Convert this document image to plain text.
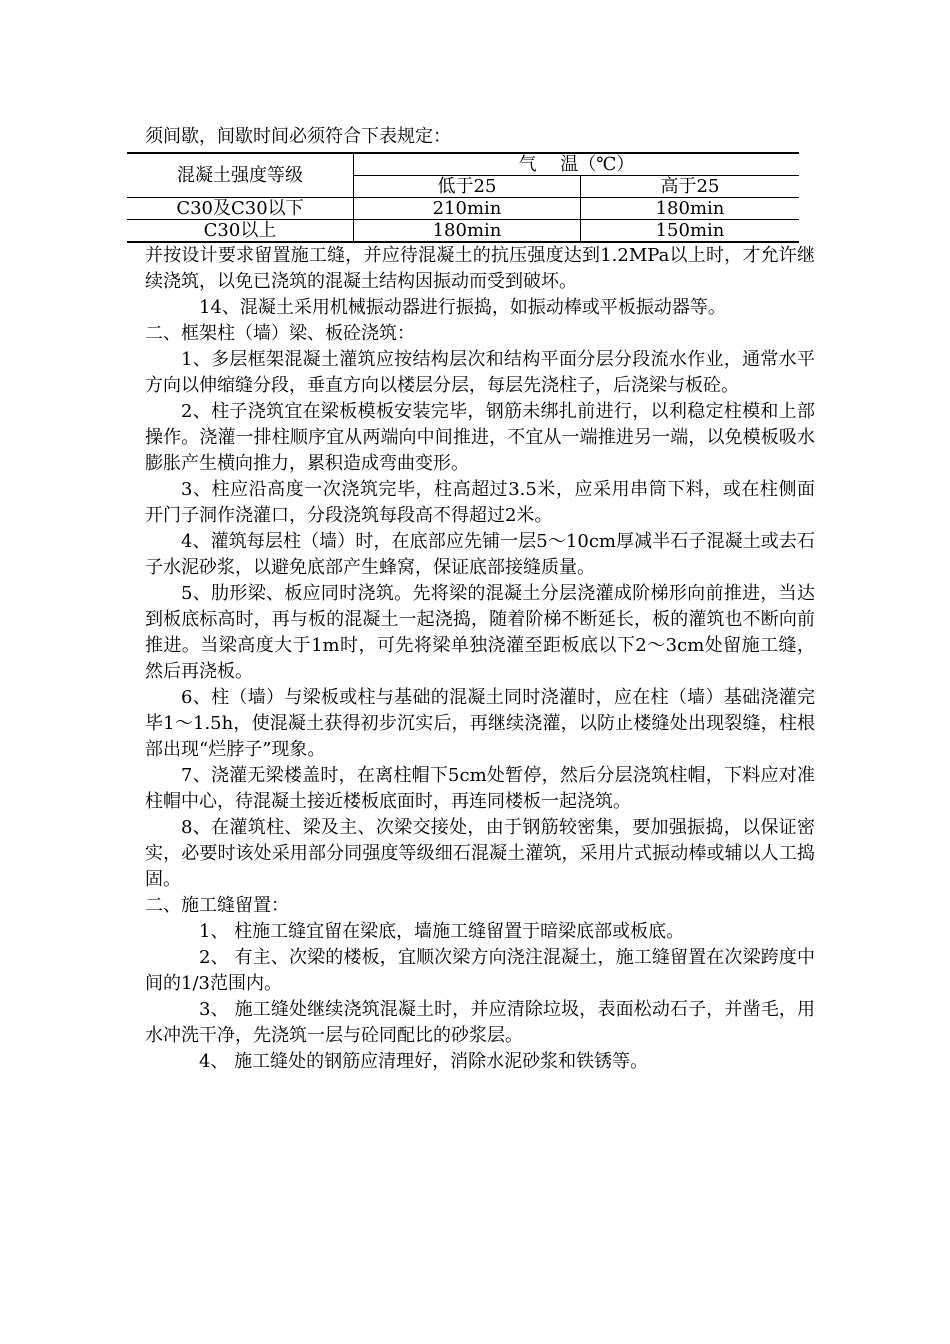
须间歇，间歇时间必须符合下表规定：

混凝土强度等级	气　 温（℃）	
	低于25	高于25
C30及C30以下	210min	180min
C30以上	180min	150min

并按设计要求留置施工缝，并应待混凝土的抗压强度达到1.2MPa以上时，才允许继续浇筑，以免已浇筑的混凝土结构因振动而受到破坏。

14、混凝土采用机械振动器进行振捣，如振动棒或平板振动器等。

二、框架柱（墙）梁、板砼浇筑：

1、多层框架混凝土灌筑应按结构层次和结构平面分层分段流水作业，通常水平方向以伸缩缝分段，垂直方向以楼层分层，每层先浇柱子，后浇梁与板砼。

2、柱子浇筑宜在梁板模板安装完毕，钢筋未绑扎前进行，以利稳定柱模和上部操作。浇灌一排柱顺序宜从两端向中间推进，不宜从一端推进另一端，以免模板吸水膨胀产生横向推力，累积造成弯曲变形。

3、柱应沿高度一次浇筑完毕，柱高超过3.5米，应采用串筒下料，或在柱侧面开门子洞作浇灌口，分段浇筑每段高不得超过2米。

4、灌筑每层柱（墙）时，在底部应先铺一层5～10cm厚减半石子混凝土或去石子水泥砂浆，以避免底部产生蜂窝，保证底部接缝质量。

5、肋形梁、板应同时浇筑。先将梁的混凝土分层浇灌成阶梯形向前推进，当达到板底标高时，再与板的混凝土一起浇捣，随着阶梯不断延长，板的灌筑也不断向前推进。当梁高度大于1m时，可先将梁单独浇灌至距板底以下2～3cm处留施工缝，然后再浇板。

6、柱（墙）与梁板或柱与基础的混凝土同时浇灌时，应在柱（墙）基础浇灌完毕1～1.5h，使混凝土获得初步沉实后，再继续浇灌，以防止楼缝处出现裂缝，柱根部出现“烂脖子”现象。

7、浇灌无梁楼盖时，在离柱帽下5cm处暂停，然后分层浇筑柱帽，下料应对准柱帽中心，待混凝土接近楼板底面时，再连同楼板一起浇筑。

8、在灌筑柱、梁及主、次梁交接处，由于钢筋较密集，要加强振捣，以保证密实，必要时该处采用部分同强度等级细石混凝土灌筑，采用片式振动棒或辅以人工捣固。

二、施工缝留置：

1、 柱施工缝宜留在梁底，墙施工缝留置于暗梁底部或板底。

2、 有主、次梁的楼板，宜顺次梁方向浇注混凝土，施工缝留置在次梁跨度中间的1/3范围内。

3、 施工缝处继续浇筑混凝土时，并应清除垃圾，表面松动石子，并凿毛，用水冲洗干净，先浇筑一层与砼同配比的砂浆层。

4、 施工缝处的钢筋应清理好，消除水泥砂浆和铁锈等。
